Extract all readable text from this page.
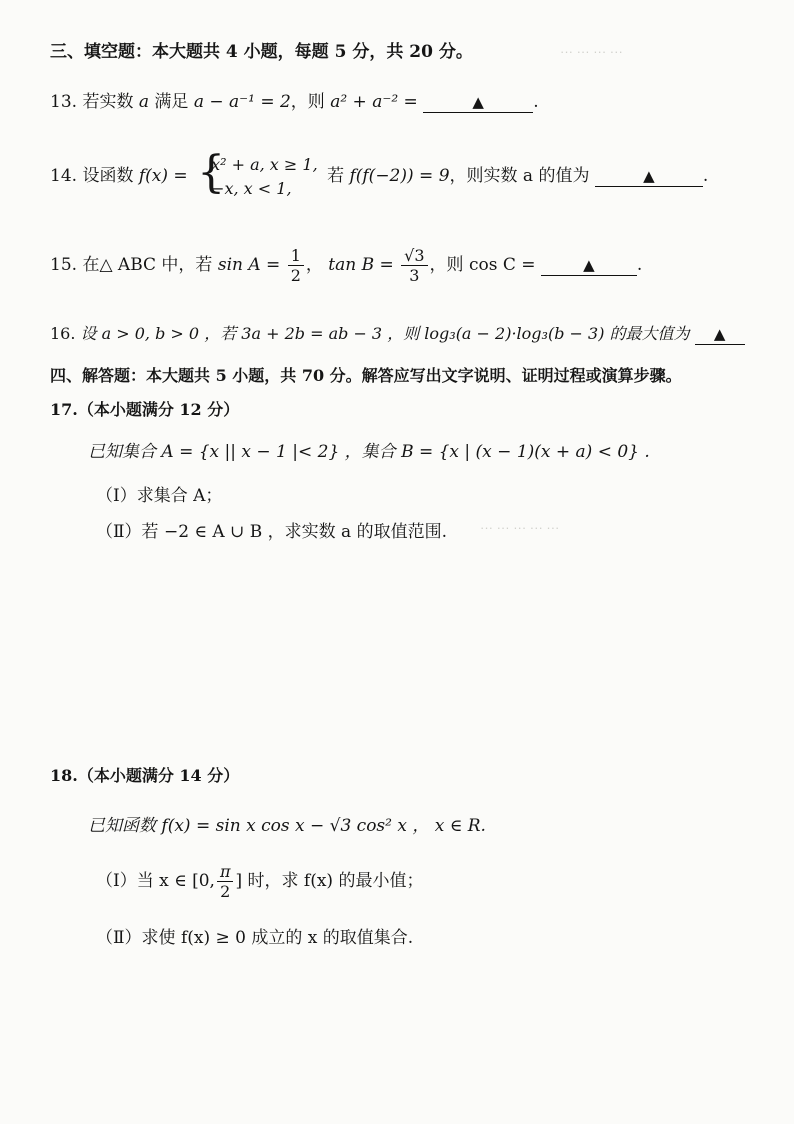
··· ··· ··· ···
··· ··· ··· ··· ···
三、填空题：本大题共 4 小题，每题 5 分，共 20 分。
13. 若实数 a 满足 a − a⁻¹ = 2，则 a² + a⁻² =	▲	.
14. 设函数 f(x) = {
x² + a, x ≥ 1,
−x, x < 1,
若 f(f(−2)) = 9，则实数 a 的值为	▲	.
15. 在△ ABC 中，若 $\sin A = \frac{1}{2}$ ， $\tan B = \frac{√3}{3}$ ，则 cos C =	▲ .
16. 设 a > 0, b > 0 ，若 3a + 2b = ab − 3 ，则 log₃(a − 2)·log₃(b − 3) 的最大值为 ▲
四、解答题：本大题共 5 小题，共 70 分。解答应写出文字说明、证明过程或演算步骤。
17.（本小题满分 12 分）
已知集合 A = {x || x − 1 |< 2} ，集合 B = {x | (x − 1)(x + a) < 0} .
（Ⅰ）求集合 A；
（Ⅱ）若 −2 ∈ A ∪ B ，求实数 a 的取值范围.
18.（本小题满分 14 分）
已知函数 f(x) = sin x cos x − √3 cos² x ， x ∈ R.
（Ⅰ）当 x ∈ [0, $\frac{\pi}{2}$ ] 时，求 f(x) 的最小值；
（Ⅱ）求使 f(x) ≥ 0 成立的 x 的取值集合.
